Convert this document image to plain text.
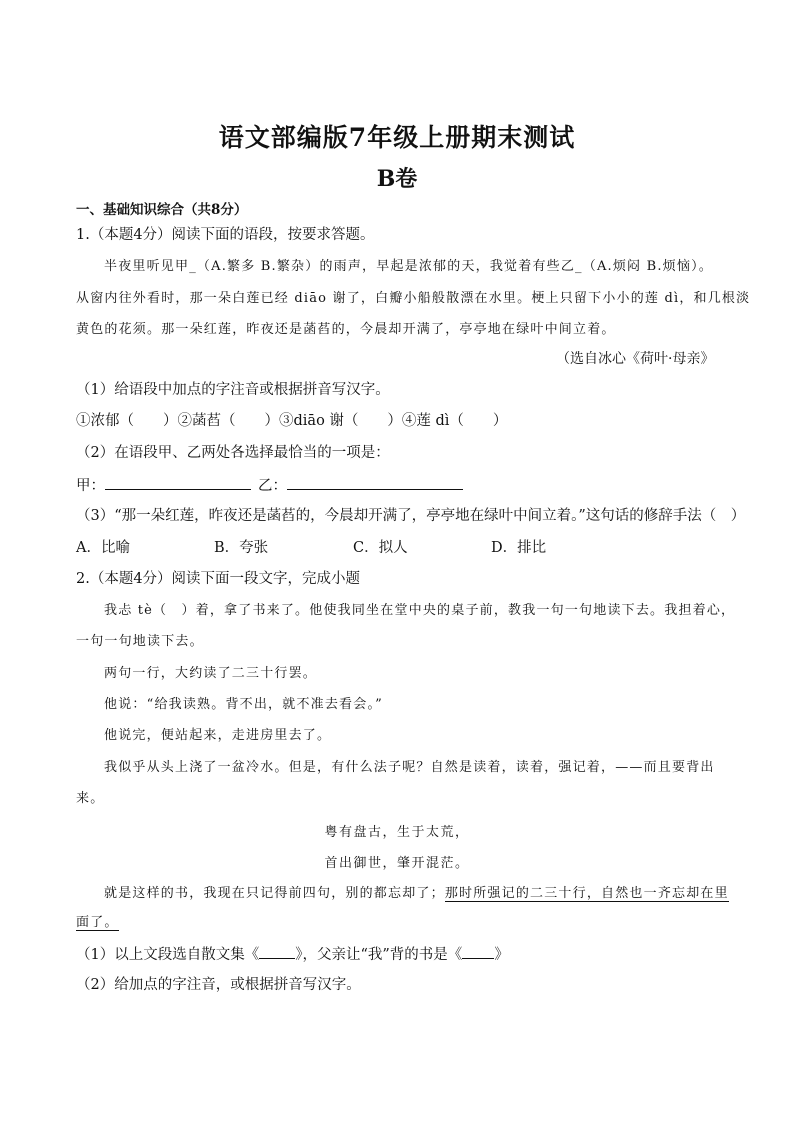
语文部编版7年级上册期末测试
B卷
一、基础知识综合（共8分）
1.（本题4分）阅读下面的语段，按要求答题。
半夜里听见甲_（A.繁多 B.繁杂）的雨声，早起是浓郁的天，我觉着有些乙_（A.烦闷 B.烦恼）。
从窗内往外看时，那一朵白莲已经 diāo 谢了，白瓣小船般散漂在水里。梗上只留下小小的莲 dì，和几根淡
黄色的花须。那一朵红莲，昨夜还是菡萏的，今晨却开满了，亭亭地在绿叶中间立着。
（选自冰心《荷叶·母亲》
（1）给语段中加点的字注音或根据拼音写汉字。
①浓郁（　　）②菡萏（　　）③diāo 谢（　　）④莲 dì（　　）
（2）在语段甲、乙两处各选择最恰当的一项是：
甲：	乙：
（3）“那一朵红莲，昨夜还是菡萏的，今晨却开满了，亭亭地在绿叶中间立着。”这句话的修辞手法（　）
A．比喻	B．夸张	C．拟人	D．排比
2.（本题4分）阅读下面一段文字，完成小题
我忐 tè（　）着，拿了书来了。他使我同坐在堂中央的桌子前，教我一句一句地读下去。我担着心，
一句一句地读下去。
两句一行，大约读了二三十行罢。
他说：“给我读熟。背不出，就不准去看会。”
他说完，便站起来，走进房里去了。
我似乎从头上浇了一盆冷水。但是，有什么法子呢？自然是读着，读着，强记着，——而且要背出
来。
粤有盘古，生于太荒，
首出御世，肇开混茫。
就是这样的书，我现在只记得前四句，别的都忘却了；那时所强记的二三十行，自然也一齐忘却在里
面了。
（1）以上文段选自散文集《 》，父亲让“我”背的书是《 》
（2）给加点的字注音，或根据拼音写汉字。
